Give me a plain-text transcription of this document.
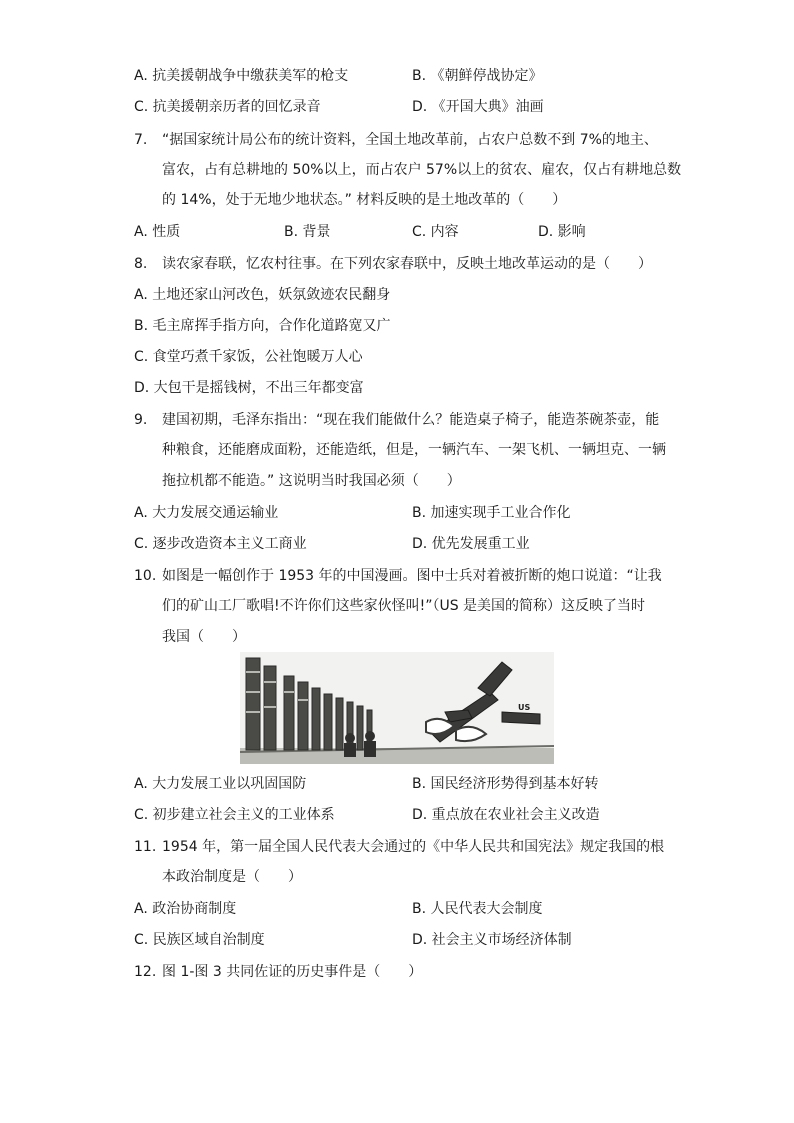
A. 抗美援朝战争中缴获美军的枪支	B. 《朝鲜停战协定》
C. 抗美援朝亲历者的回忆录音	D. 《开国大典》油画
7. “据国家统计局公布的统计资料，全国土地改革前，占农户总数不到 7%的地主、
富农，占有总耕地的 50%以上，而占农户 57%以上的贫农、雇农，仅占有耕地总数
的 14%，处于无地少地状态。” 材料反映的是土地改革的（　　）
A. 性质	B. 背景	C. 内容	D. 影响
8. 读农家春联，忆农村往事。在下列农家春联中，反映土地改革运动的是（　　）
A. 土地还家山河改色，妖氛敛迹农民翻身
B. 毛主席挥手指方向，合作化道路宽又广
C. 食堂巧煮千家饭，公社饱暖万人心
D. 大包干是摇钱树，不出三年都变富
9. 建国初期，毛泽东指出：“现在我们能做什么？能造桌子椅子，能造茶碗茶壶，能
种粮食，还能磨成面粉，还能造纸，但是，一辆汽车、一架飞机、一辆坦克、一辆
拖拉机都不能造。” 这说明当时我国必须（　　）
A. 大力发展交通运输业	B. 加速实现手工业合作化
C. 逐步改造资本主义工商业	D. 优先发展重工业
10. 如图是一幅创作于 1953 年的中国漫画。图中士兵对着被折断的炮口说道：“让我
们的矿山工厂歌唱!不许你们这些家伙怪叫!”（US 是美国的简称）这反映了当时
我国（　　）
US
A. 大力发展工业以巩固国防	B. 国民经济形势得到基本好转
C. 初步建立社会主义的工业体系	D. 重点放在农业社会主义改造
11. 1954 年，第一届全国人民代表大会通过的《中华人民共和国宪法》规定我国的根
本政治制度是（　　）
A. 政治协商制度	B. 人民代表大会制度
C. 民族区域自治制度	D. 社会主义市场经济体制
12. 图 1-图 3 共同佐证的历史事件是（　　）
